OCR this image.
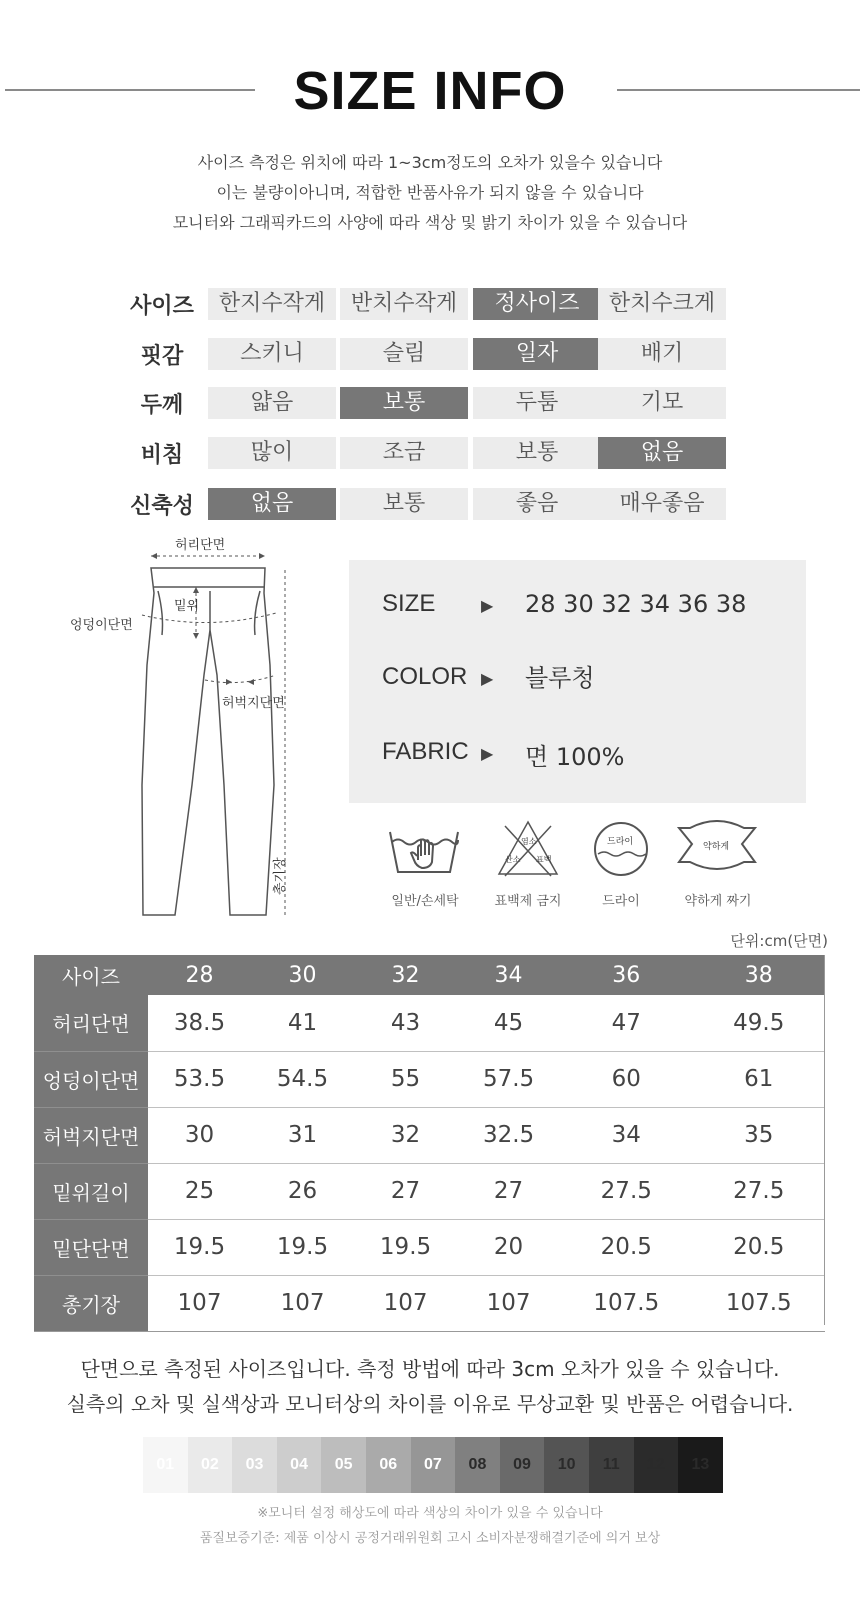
SIZE INFO
사이즈 측정은 위치에 따라 1~3cm정도의 오차가 있을수 있습니다
이는 불량이아니며, 적합한 반품사유가 되지 않을 수 있습니다
모니터와 그래픽카드의 사양에 따라 색상 및 밝기 차이가 있을 수 있습니다
사이즈	한지수작게	반치수작게	정사이즈	한치수크게
핏감	스키니	슬림	일자	배기
두께	얇음	보통	두툼	기모
비침	많이	조금	보통	없음
신축성	없음	보통	좋음	매우좋음
허리단면
밑위
엉덩이단면
허벅지단면
총기장
SIZE	▶ 28 30 32 34 36 38
COLOR ▶ 블루청
FABRIC ▶ 면 100%
염소
산소 표백
드라이	약하게
일반/손세탁	표백제 금지	드라이	약하게 짜기
단위:cm(단면)
사이즈	28	30	32	34	36	38
허리단면	38.5	41	43	45	47	49.5
엉덩이단면	53.5	54.5	55	57.5	60	61
허벅지단면	30	31	32	32.5	34	35
밑위길이	25	26	27	27	27.5	27.5
밑단단면	19.5	19.5	19.5	20	20.5	20.5
총기장	107	107	107	107	107.5	107.5
단면으로 측정된 사이즈입니다. 측정 방법에 따라 3cm 오차가 있을 수 있습니다.
실측의 오차 및 실색상과 모니터상의 차이를 이유로 무상교환 및 반품은 어렵습니다.
01	02	03	04	05	06	07	08	09	10	11	12	13
※모니터 설정 해상도에 따라 색상의 차이가 있을 수 있습니다
품질보증기준: 제품 이상시 공정거래위원회 고시 소비자분쟁해결기준에 의거 보상
